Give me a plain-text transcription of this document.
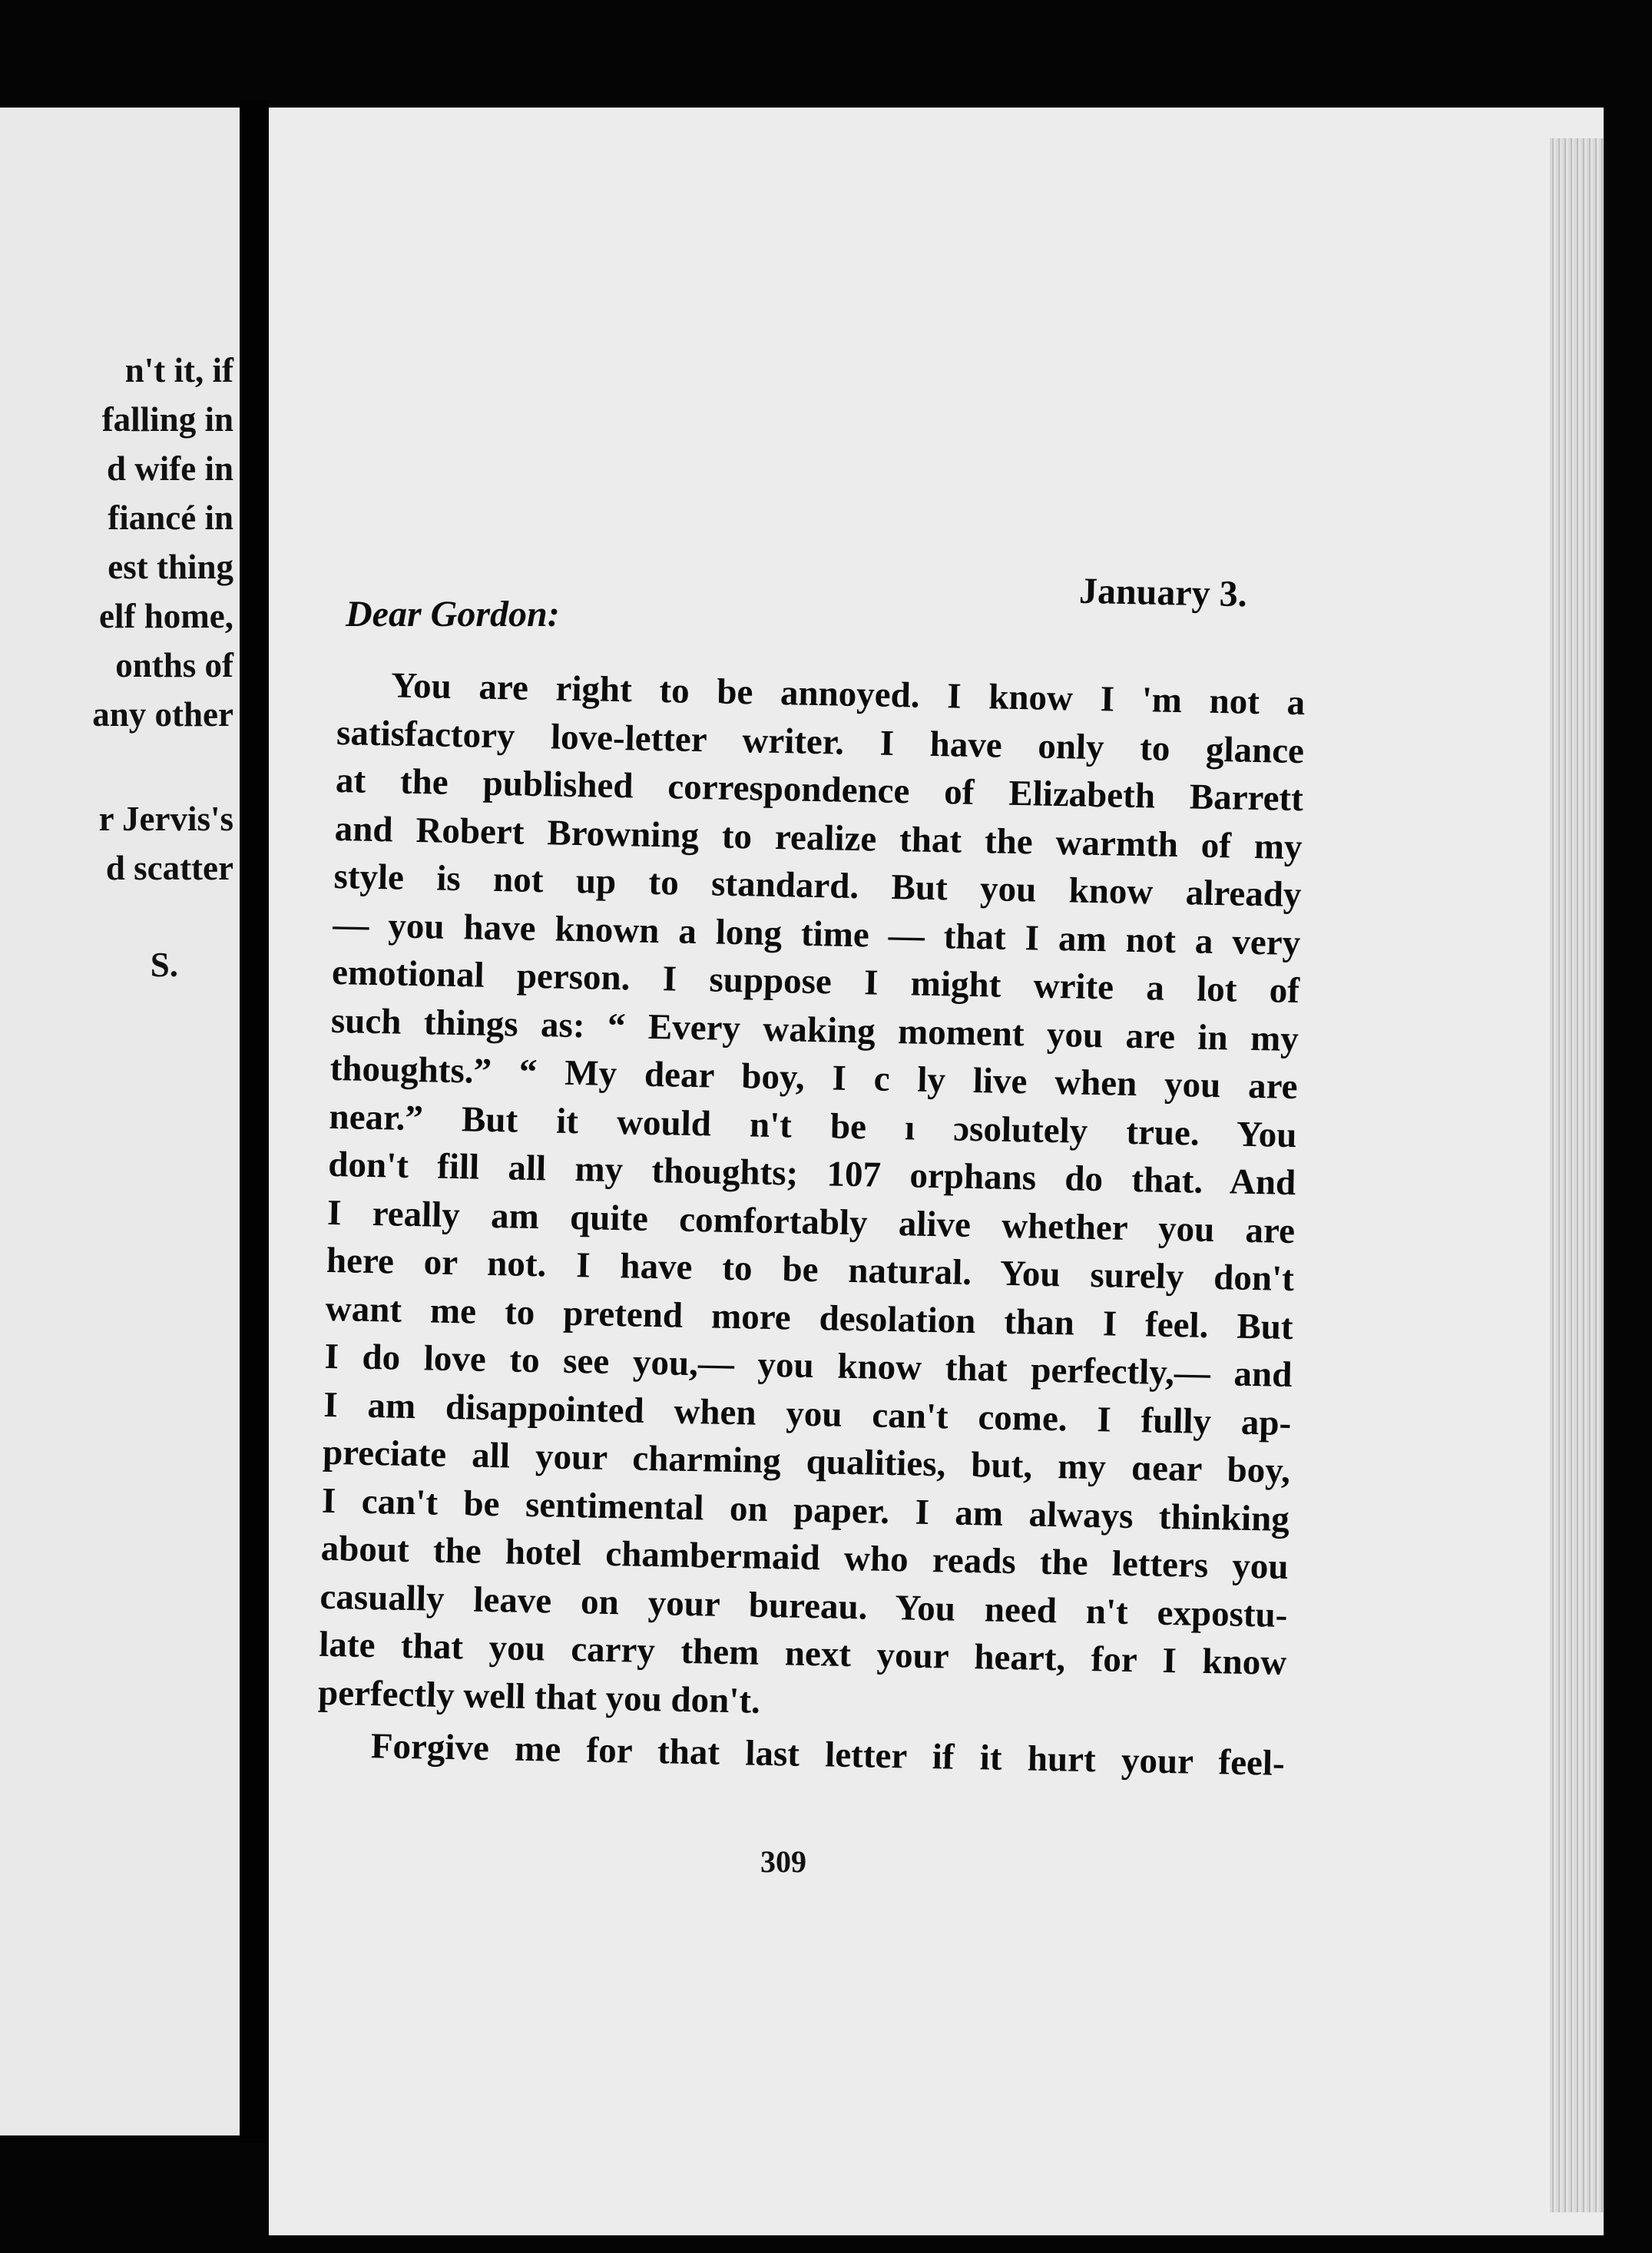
n't it, if
falling in
d wife in
fiancé in
est thing
elf home,
onths of
any other
r Jervis's
d scatter
S.
January 3.
Dear Gordon:
You are right to be annoyed. I know I 'm not a
satisfactory love-letter writer. I have only to glance
at the published correspondence of Elizabeth Barrett
and Robert Browning to realize that the warmth of my
style is not up to standard. But you know already
— you have known a long time — that I am not a very
emotional person. I suppose I might write a lot of
such things as: “ Every waking moment you are in my
thoughts.” “ My dear boy, I c ly live when you are
near.” But it would n't be ı ɔsolutely true. You
don't fill all my thoughts; 107 orphans do that. And
I really am quite comfortably alive whether you are
here or not. I have to be natural. You surely don't
want me to pretend more desolation than I feel. But
I do love to see you,— you know that perfectly,— and
I am disappointed when you can't come. I fully ap-
preciate all your charming qualities, but, my ɑear boy,
I can't be sentimental on paper. I am always thinking
about the hotel chambermaid who reads the letters you
casually leave on your bureau. You need n't expostu-
late that you carry them next your heart, for I know
perfectly well that you don't.
Forgive me for that last letter if it hurt your feel-
309
